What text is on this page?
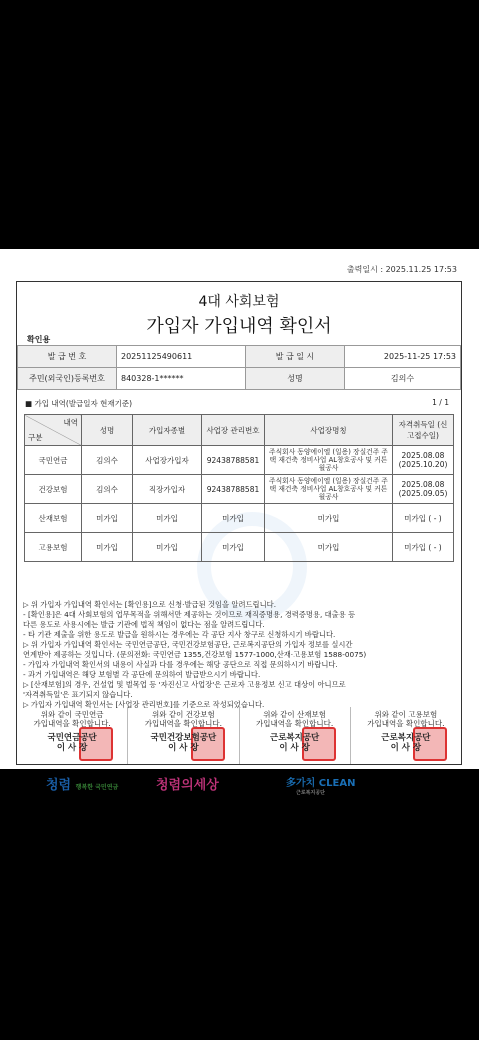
출력일시 : 2025.11.25 17:53
4대 사회보험
가입자 가입내역 확인서
확인용
발 급 번 호	20251125490611	발 급 일 시	2025-11-25 17:53
주민(외국인)등록번호	840328-1******	성명	김의수
■ 가입 내역(발급일자 현재기준)	1 / 1
내역
구분	성명	가입자종별	사업장 관리번호	사업장명칭	자격취득일 (신고접수일)
국민연금	김의수	사업장가입자	92438788581	주식회사 동양에이엘 (일용) 장실건주 주택 재건축 정비사업 AL창호공사 및 커튼월공사	2025.08.08 (2025.10.20)
건강보험	김의수	직장가입자	92438788581	주식회사 동양에이엘 (일용) 장실건주 주택 재건축 정비사업 AL창호공사 및 커튼월공사	2025.08.08 (2025.09.05)
산재보험	미가입	미가입	미가입	미가입	미가입 ( - )
고용보험	미가입	미가입	미가입	미가입	미가입 ( - )
▷ 위 가입자 가입내역 확인서는 [확인용]으로 신청·발급된 것임을 알려드립니다.
- [확인용]은 4대 사회보험의 업무목적을 위해서만 제공하는 것이므로 재직증명용, 경력증명용, 대출용 등
다른 용도로 사용시에는 발급 기관에 법적 책임이 없다는 점을 알려드립니다.
- 타 기관 제출을 위한 용도로 발급을 원하시는 경우에는 각 공단 지사 창구로 신청하시기 바랍니다.
▷ 위 가입자 가입내역 확인서는 국민연금공단, 국민건강보험공단, 근로복지공단의 가입자 정보를 실시간
연계받아 제공하는 것입니다. (문의전화: 국민연금 1355,건강보험 1577-1000,산재·고용보험 1588-0075)
- 가입자 가입내역 확인서의 내용이 사실과 다를 경우에는 해당 공단으로 직접 문의하시기 바랍니다.
- 과거 가입내역은 해당 보험별 각 공단에 문의하여 발급받으시기 바랍니다.
▷ [산재보험]의 경우, 건설업 및 벌목업 등 '자진신고 사업장'은 근로자 고용정보 신고 대상이 아니므로
'자격취득일'은 표기되지 않습니다.
▷ 가입자 가입내역 확인서는 [사업장 관리번호]를 기준으로 작성되었습니다.
위와 같이 국민연금
가입내역을 확인합니다.
국민연금공단
이 사 장
위와 같이 건강보험
가입내역을 확인합니다.
국민건강보험공단
이 사 장
위와 같이 산재보험
가입내역을 확인합니다.
근로복지공단
이 사 장
위와 같이 고용보험
가입내역을 확인합니다.
근로복지공단
이 사 장
청렴 행복한 국민연금	청렴의세상	多가치 CLEAN
근로복지공단
